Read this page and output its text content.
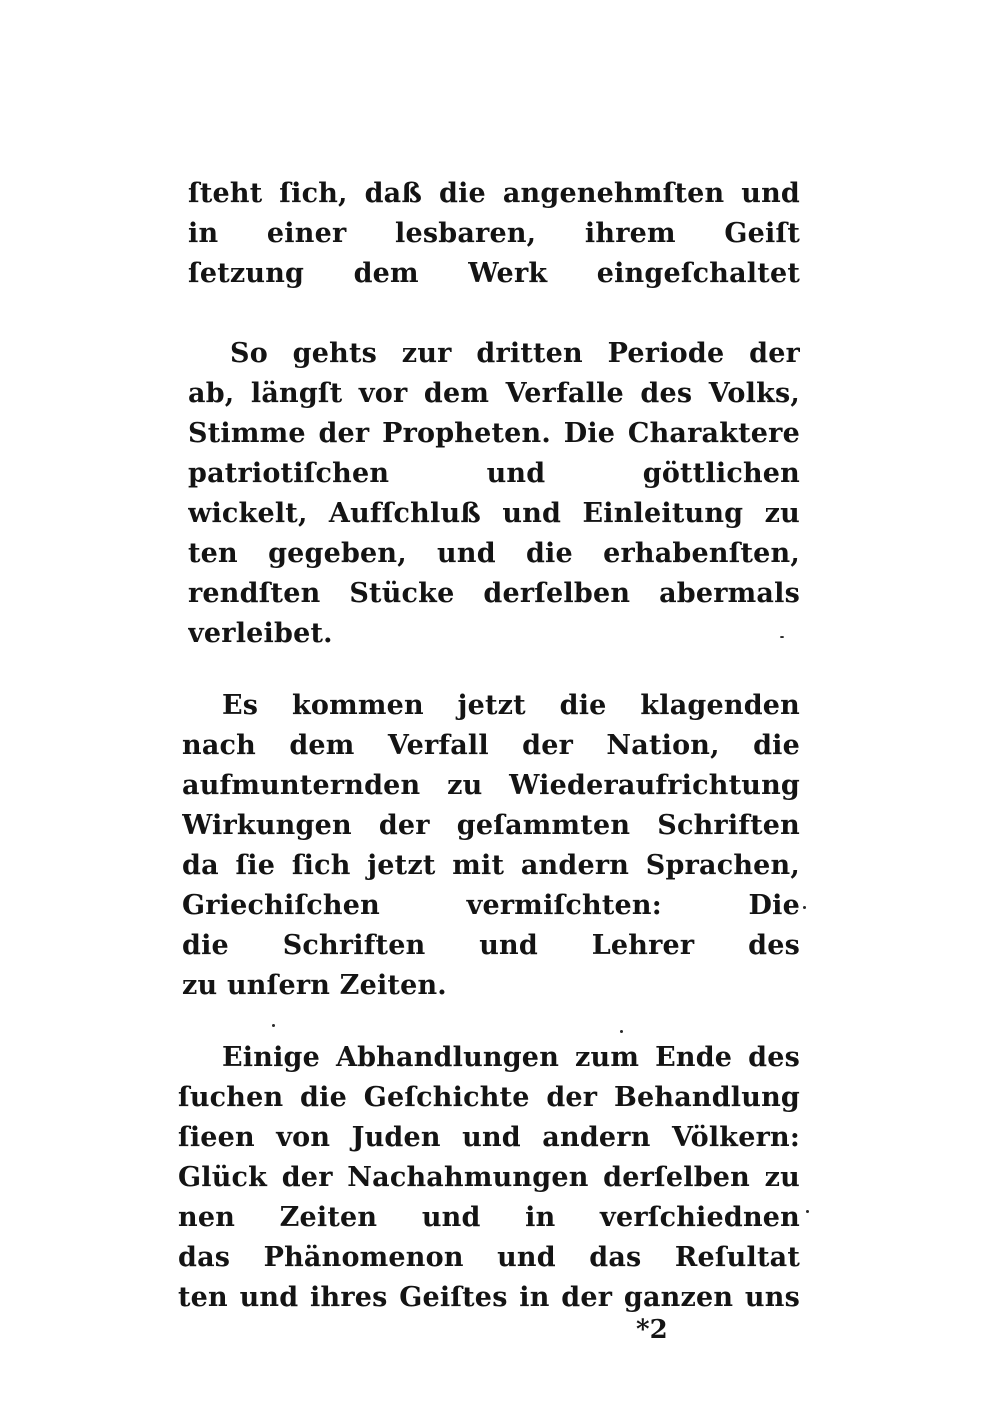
ſteht ſich, daß die angenehmſten und
in einer lesbaren, ihrem Geiſt
ſetzung dem Werk eingeſchaltet
So gehts zur dritten Periode der
ab, längſt vor dem Verfalle des Volks,
Stimme der Propheten. Die Charaktere
patriotiſchen und göttlichen
wickelt, Aufſchluß und Einleitung zu
ten gegeben, und die erhabenſten,
rendſten Stücke derſelben abermals
verleibet.
Es kommen jetzt die klagenden
nach dem Verfall der Nation, die
aufmunternden zu Wiederaufrichtung
Wirkungen der geſammten Schriften
da ſie ſich jetzt mit andern Sprachen,
Griechiſchen vermiſchten: Die
die Schriften und Lehrer des
zu unſern Zeiten.
Einige Abhandlungen zum Ende des
ſuchen die Geſchichte der Behandlung
ſieen von Juden und andern Völkern:
Glück der Nachahmungen derſelben zu
nen Zeiten und in verſchiednen
das Phänomenon und das Reſultat
ten und ihres Geiſtes in der ganzen uns
*2
